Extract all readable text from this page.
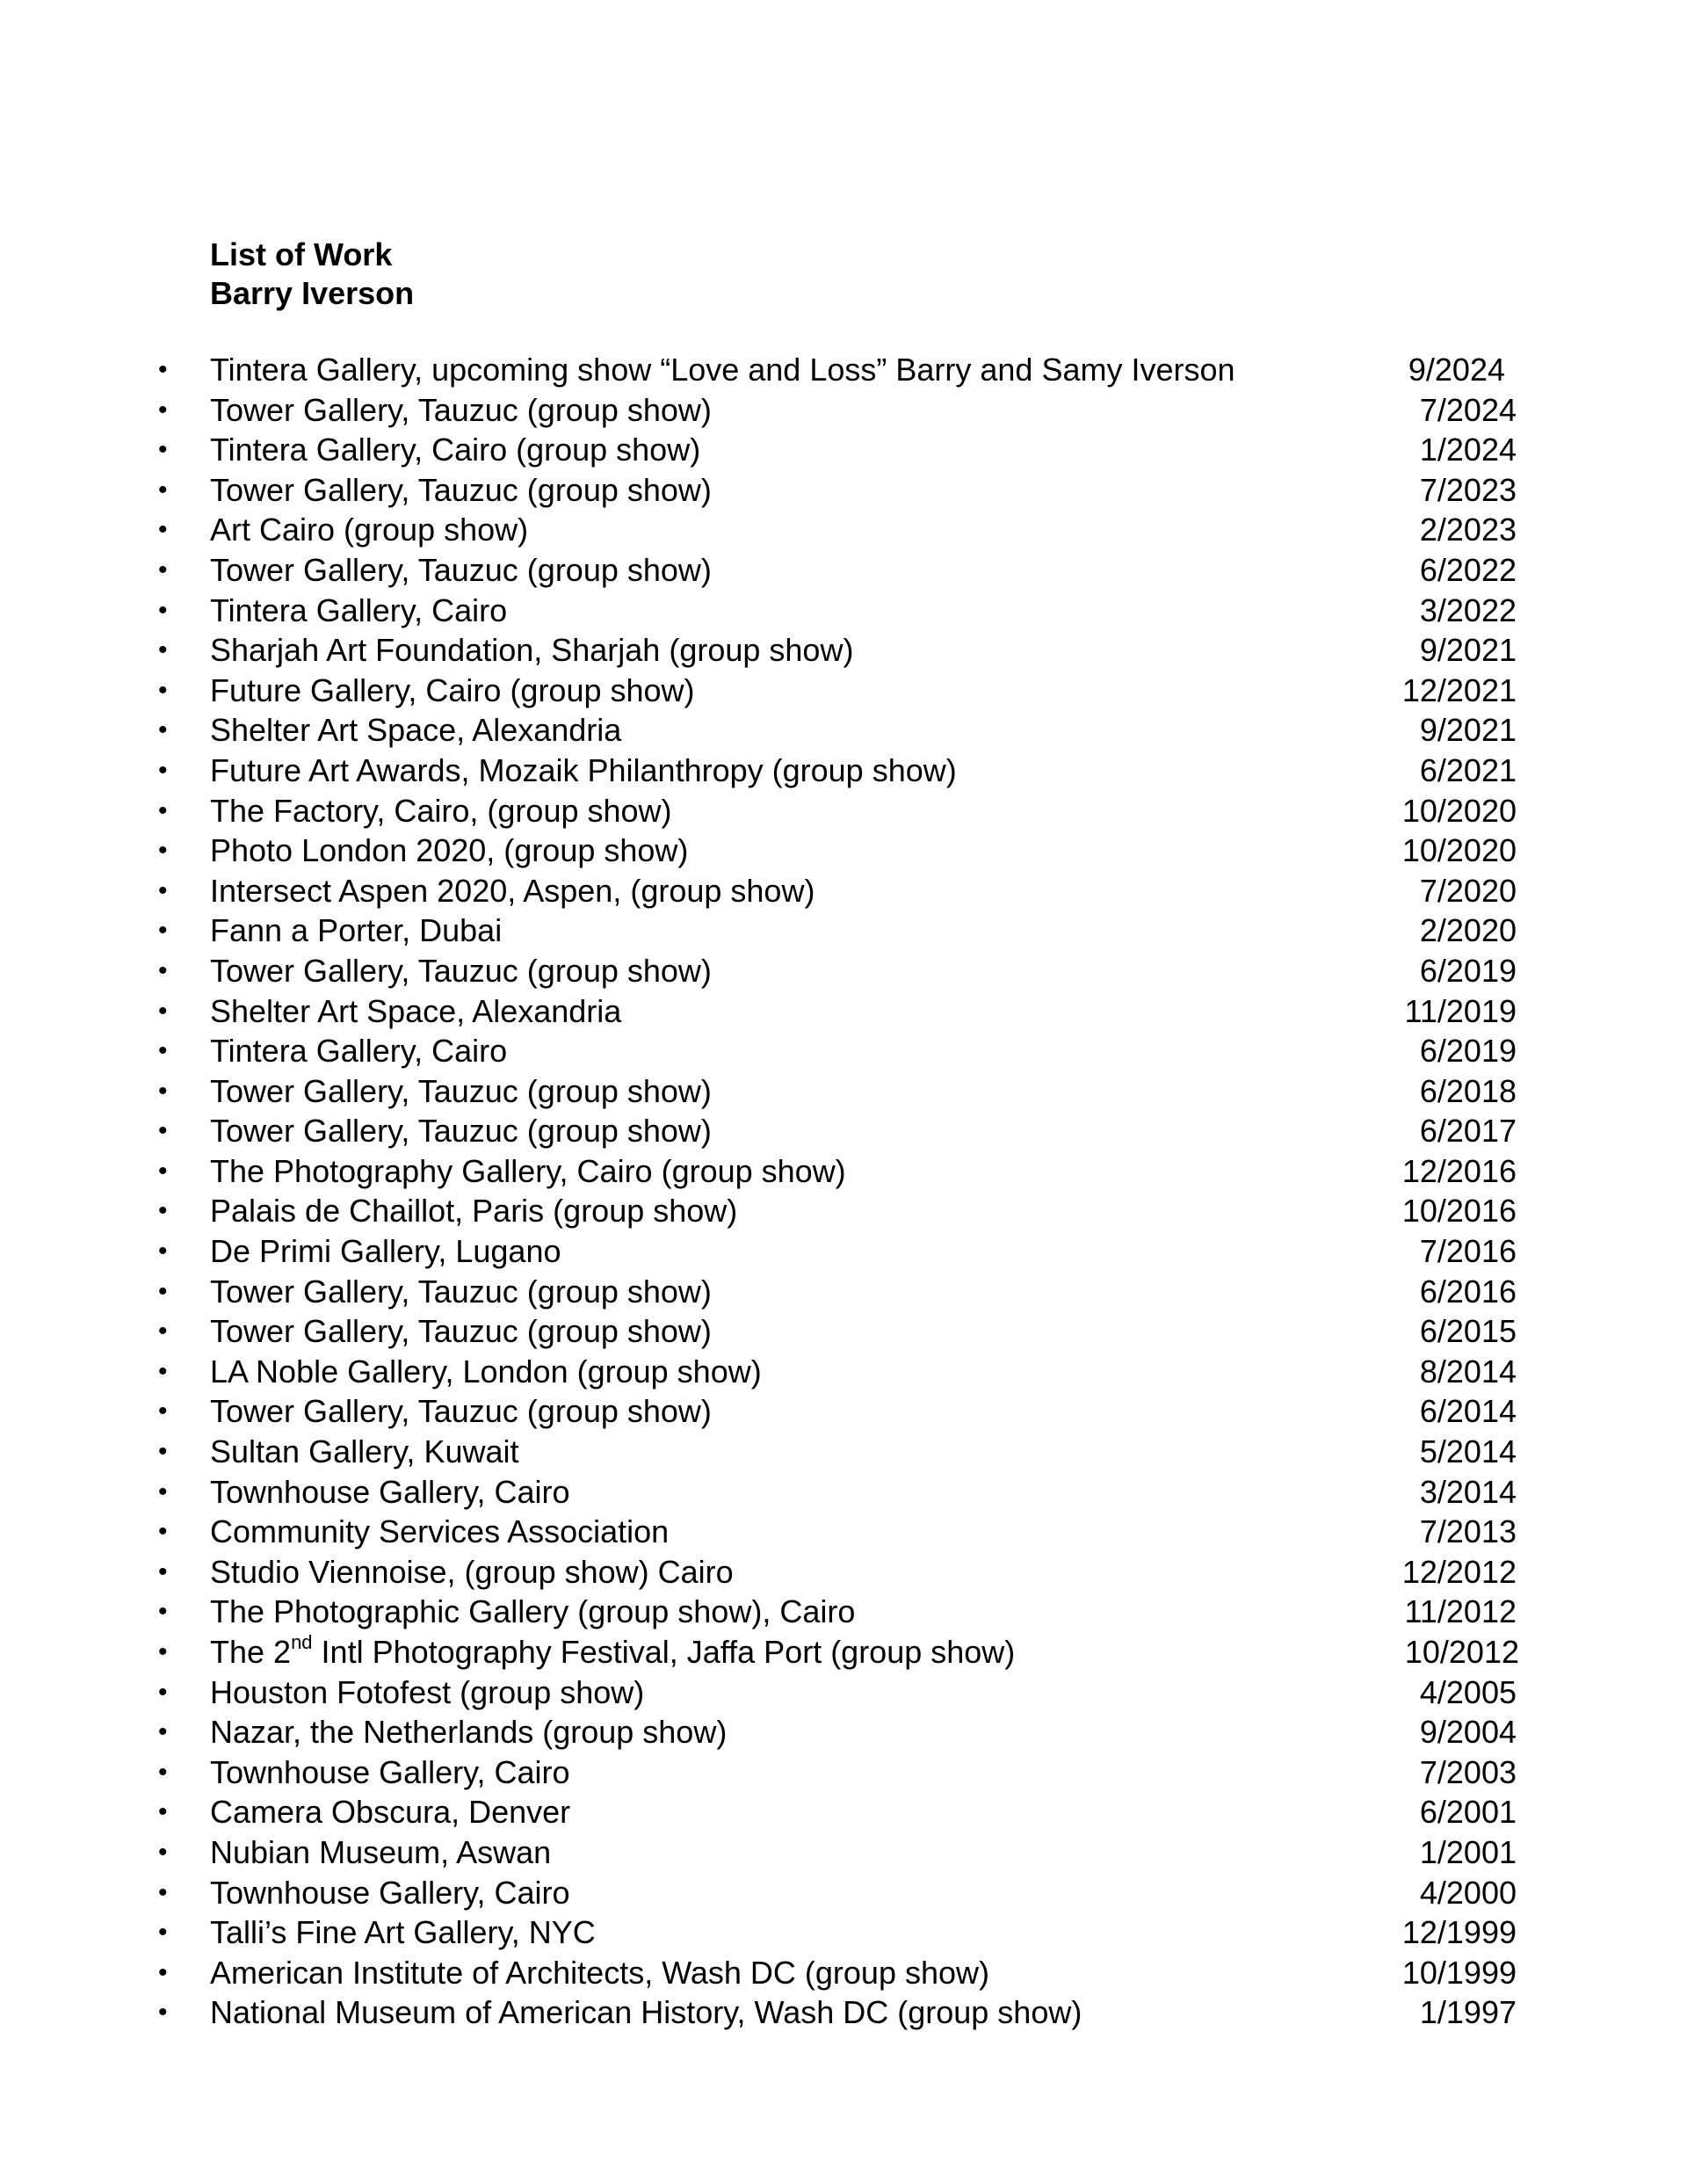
List of Work
Barry Iverson
• Tintera Gallery, upcoming show “Love and Loss” Barry and Samy Iverson	9/2024
• Tower Gallery, Tauzuc (group show)	7/2024
• Tintera Gallery, Cairo (group show)	1/2024
• Tower Gallery, Tauzuc (group show)	7/2023
• Art Cairo (group show)	2/2023
• Tower Gallery, Tauzuc (group show)	6/2022
• Tintera Gallery, Cairo	3/2022
• Sharjah Art Foundation, Sharjah (group show)	9/2021
• Future Gallery, Cairo (group show)	12/2021
• Shelter Art Space, Alexandria	9/2021
• Future Art Awards, Mozaik Philanthropy (group show)	6/2021
• The Factory, Cairo, (group show)	10/2020
• Photo London 2020, (group show)	10/2020
• Intersect Aspen 2020, Aspen, (group show)	7/2020
• Fann a Porter, Dubai	2/2020
• Tower Gallery, Tauzuc (group show)	6/2019
• Shelter Art Space, Alexandria	11/2019
• Tintera Gallery, Cairo	6/2019
• Tower Gallery, Tauzuc (group show)	6/2018
• Tower Gallery, Tauzuc (group show)	6/2017
• The Photography Gallery, Cairo (group show)	12/2016
• Palais de Chaillot, Paris (group show)	10/2016
• De Primi Gallery, Lugano	7/2016
• Tower Gallery, Tauzuc (group show)	6/2016
• Tower Gallery, Tauzuc (group show)	6/2015
• LA Noble Gallery, London (group show)	8/2014
• Tower Gallery, Tauzuc (group show)	6/2014
• Sultan Gallery, Kuwait	5/2014
• Townhouse Gallery, Cairo	3/2014
• Community Services Association	7/2013
• Studio Viennoise, (group show) Cairo	12/2012
• The Photographic Gallery (group show), Cairo	11/2012
• The 2nd Intl Photography Festival, Jaffa Port (group show)	10/2012
• Houston Fotofest (group show)	4/2005
• Nazar, the Netherlands (group show)	9/2004
• Townhouse Gallery, Cairo	7/2003
• Camera Obscura, Denver	6/2001
• Nubian Museum, Aswan	1/2001
• Townhouse Gallery, Cairo	4/2000
• Talli’s Fine Art Gallery, NYC	12/1999
• American Institute of Architects, Wash DC (group show)	10/1999
• National Museum of American History, Wash DC (group show)	1/1997
